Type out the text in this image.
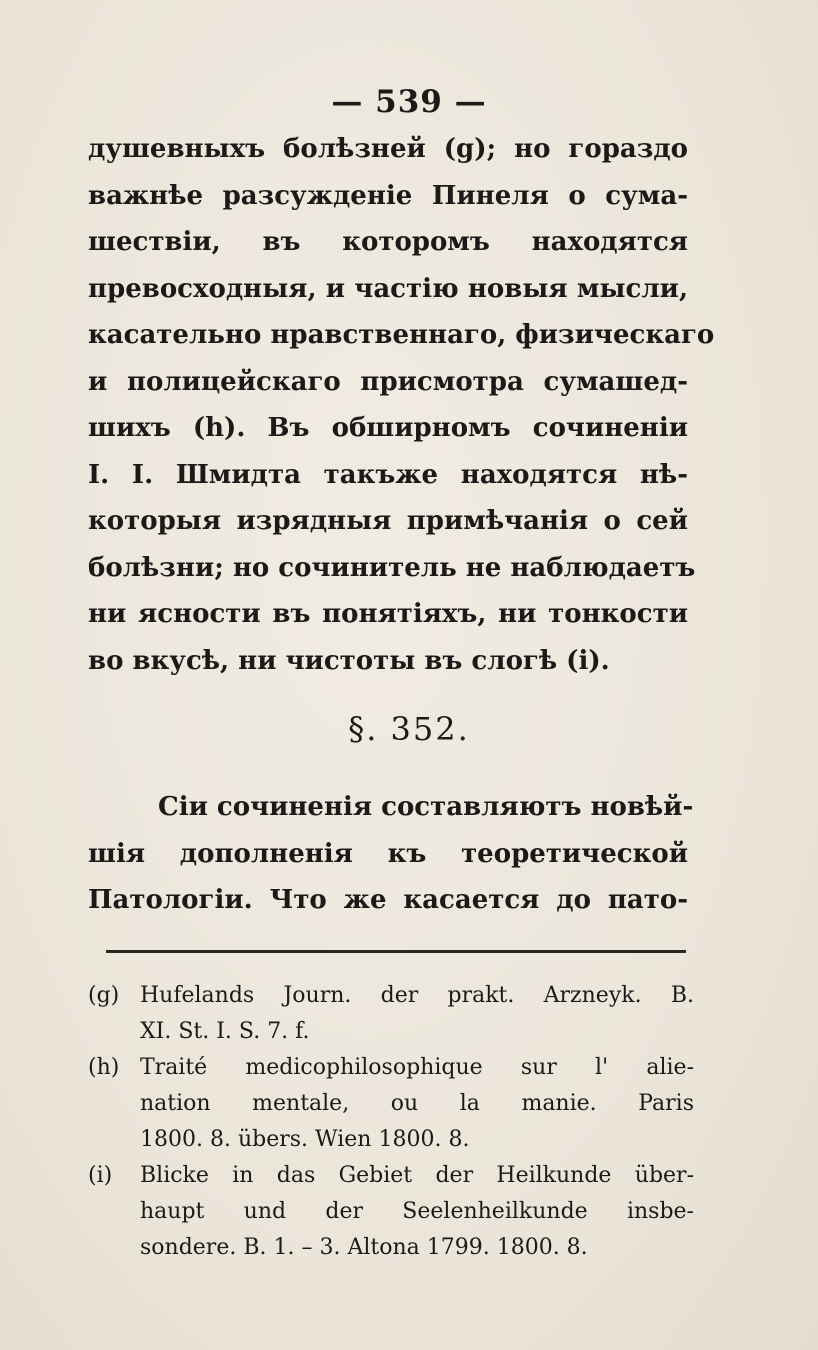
— 539 —
душевныхъ болѣзней (g); но гораздо
важнѣе разсужденіе Пинеля о сума-
шествіи, въ которомъ находятся
превосходныя, и частію новыя мысли,
касательно нравственнаго, физическаго
и полицейскаго присмотра сумашед-
шихъ (h). Въ обширномъ сочиненіи
I. I. Шмидта такъже находятся нѣ-
которыя изрядныя примѣчанія о сей
болѣзни; но сочинитель не наблюдаетъ
ни ясности въ понятіяхъ, ни тонкости
во вкусѣ, ни чистоты въ слогѣ (i).
§. 352.
Сіи сочиненія составляютъ новѣй-
шія дополненія къ теоретической
Патологіи. Что же касается до пато-
(g) Hufelands Journ. der prakt. Arzneyk. B.
XI. St. I. S. 7. f.
(h) Traité medicophilosophique sur l' alie-
nation mentale, ou la manie. Paris
1800. 8. übers. Wien 1800. 8.
(i)	Blicke in das Gebiet der Heilkunde über-
haupt und der Seelenheilkunde insbe-
sondere. B. 1. – 3. Altona 1799. 1800. 8.
